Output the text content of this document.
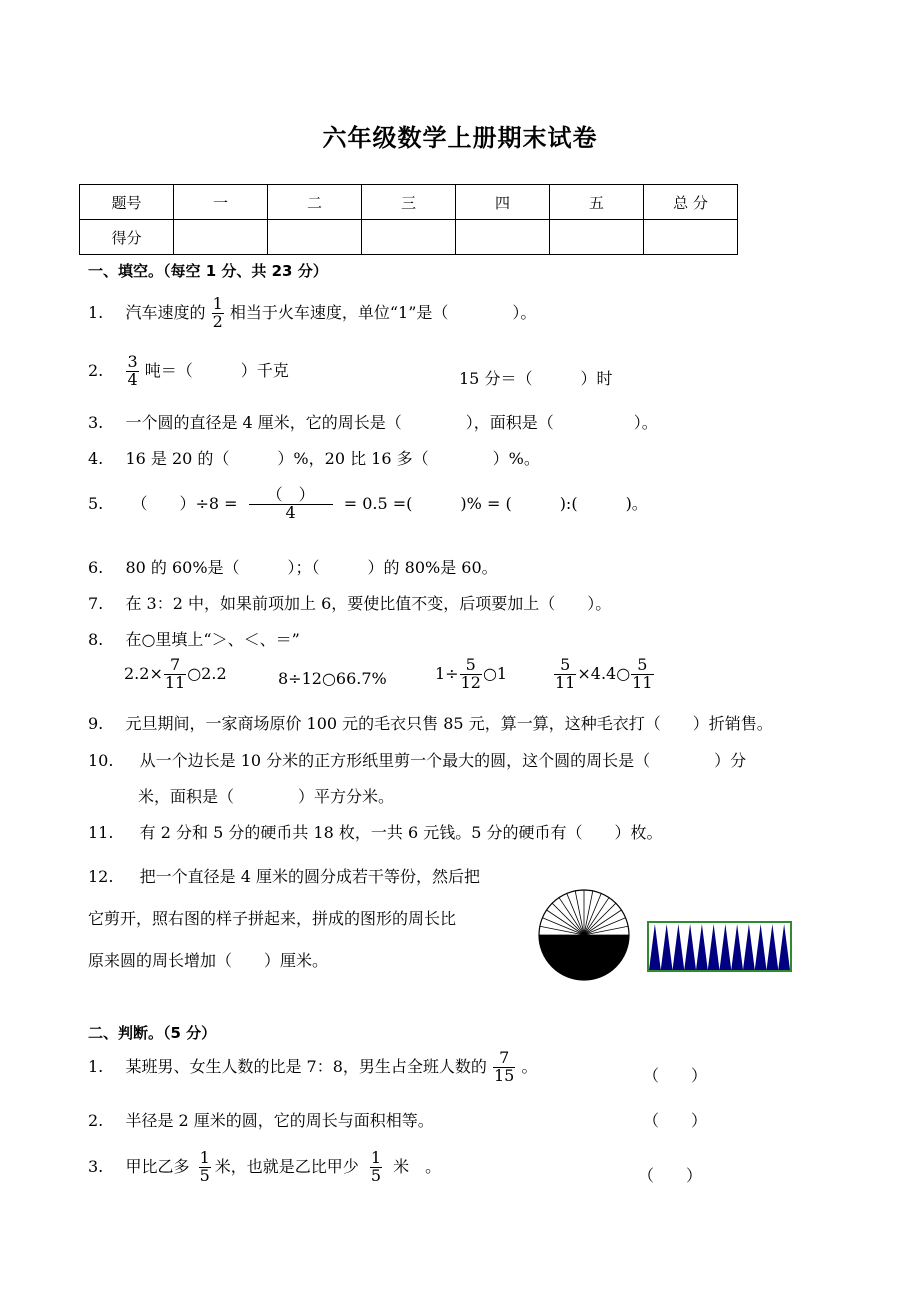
六年级数学上册期末试卷
题号	一	二	三	四	五	总 分
得分						
一、填空。（每空 1 分、共 23 分）
1. 汽车速度的 $\frac{1}{2}$ 相当于火车速度，单位“1”是（　　　　）。
2. $\frac{3}{4}$ 吨＝（　　　）千克	15 分＝（　　　）时
3. 一个圆的直径是 4 厘米，它的周长是（　　　　），面积是（　　　　　）。
4. 16 是 20 的（　　　）%，20 比 16 多（　　　　）%。
5. （　　）$\div 8 = \frac{( )}{4} = 0.5$ =(　　　)% = (　　　):(　　　)。
6. 80 的 60%是（　　　）；（　　　）的 80%是 60。
7. 在 3：2 中，如果前项加上 6，要使比值不变，后项要加上（　　）。
8. 在○里填上“＞、＜、＝”
$2.2\times \frac{7}{11}$ ○2.2	8÷12○66.7%	$1\div \frac{5}{12}$ ○1	$\frac{5}{11}$ ×4.4○ $\frac{5}{11}$
9. 元旦期间，一家商场原价 100 元的毛衣只售 85 元，算一算，这种毛衣打（　　）折销售。
10. 从一个边长是 10 分米的正方形纸里剪一个最大的圆，这个圆的周长是（　　　　）分
米，面积是（　　　　）平方分米。
11. 有 2 分和 5 分的硬币共 18 枚，一共 6 元钱。5 分的硬币有（　　）枚。
12. 把一个直径是 4 厘米的圆分成若干等份，然后把
它剪开，照右图的样子拼起来，拼成的图形的周长比
原来圆的周长增加（　　）厘米。
二、判断。（5 分）
1. 某班男、女生人数的比是 7：8，男生占全班人数的 $\frac{7}{15}$ 。	（　　）
2. 半径是 2 厘米的圆，它的周长与面积相等。	（　　）
3. 甲比乙多 $\frac{1}{5}$ 米，也就是乙比甲少 $\frac{1}{5}$ 米　。	（　　）
